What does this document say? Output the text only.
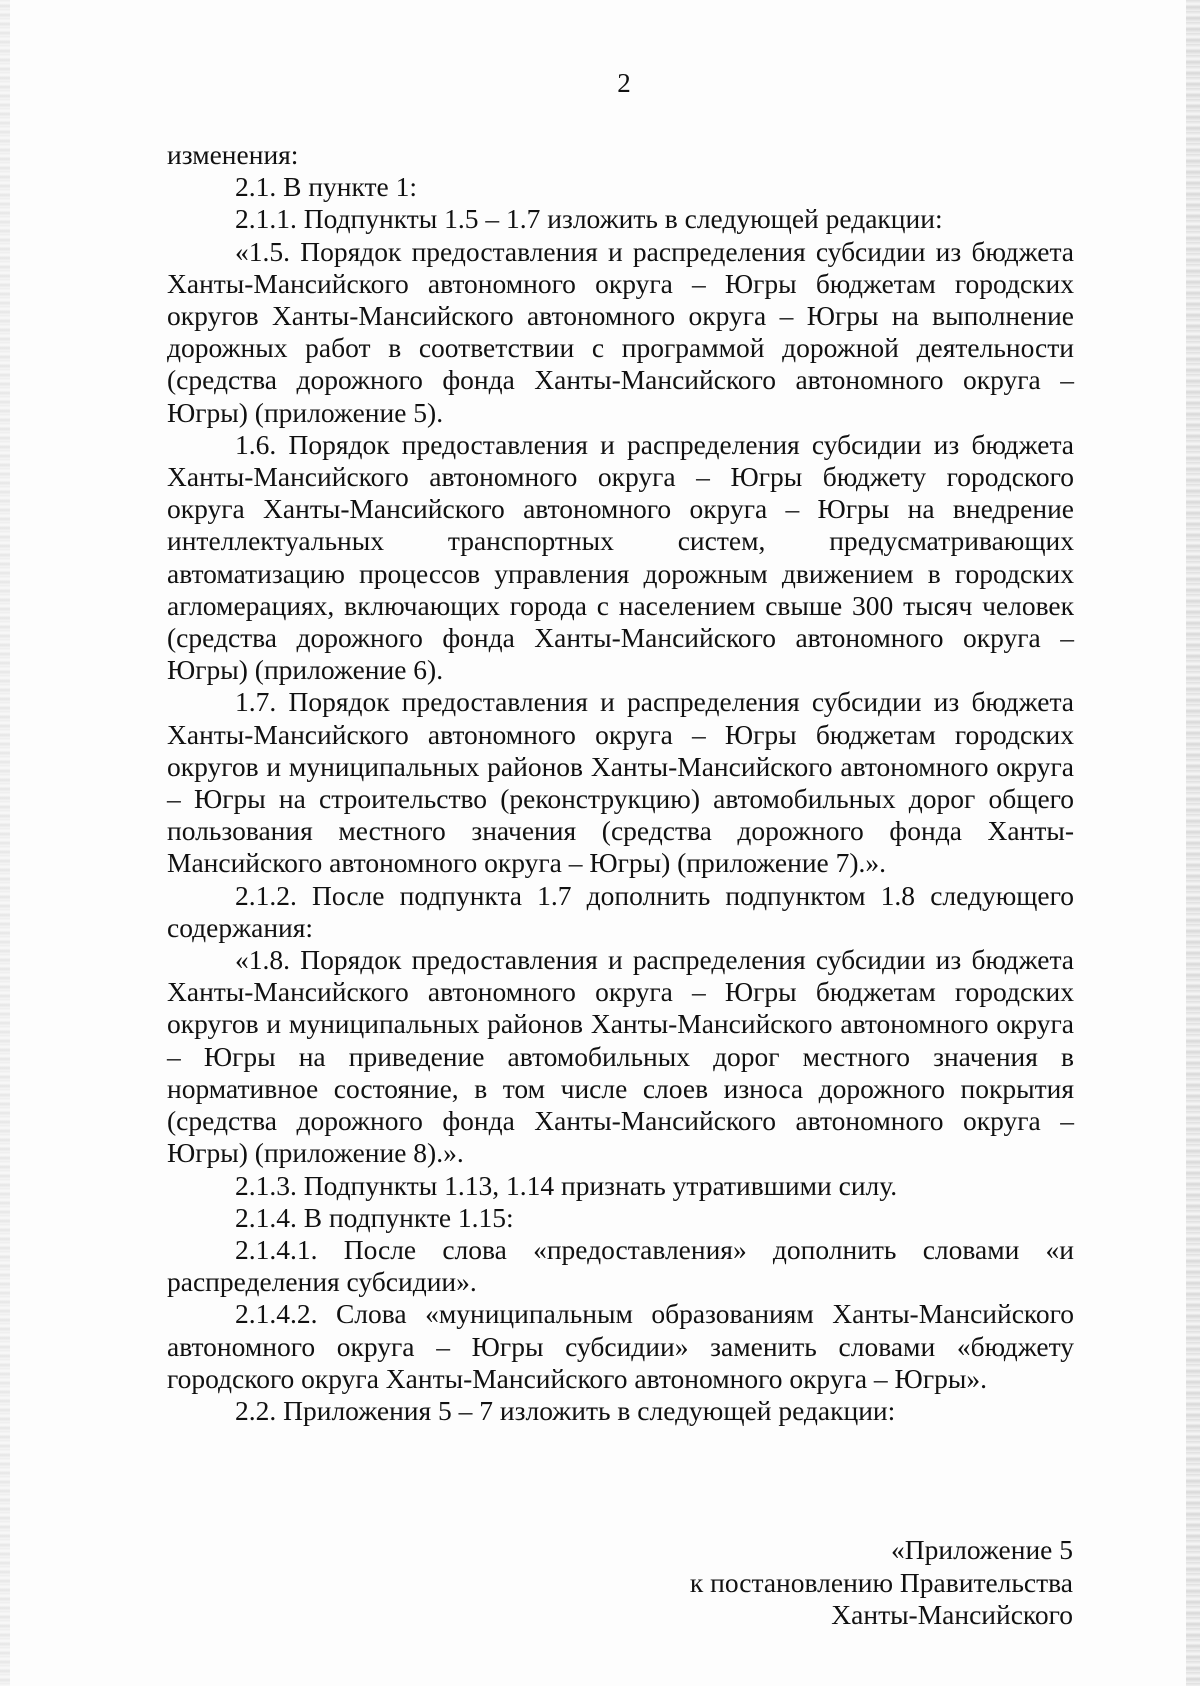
2

изменения:

2.1. В пункте 1:

2.1.1. Подпункты 1.5 – 1.7 изложить в следующей редакции:

«1.5. Порядок предоставления и распределения субсидии из бюджета Ханты-Мансийского автономного округа – Югры бюджетам городских округов Ханты-Мансийского автономного округа – Югры на выполнение дорожных работ в соответствии с программой дорожной деятельности (средства дорожного фонда Ханты-Мансийского автономного округа – Югры) (приложение 5).

1.6. Порядок предоставления и распределения субсидии из бюджета Ханты-Мансийского автономного округа – Югры бюджету городского округа Ханты-Мансийского автономного округа – Югры на внедрение интеллектуальных транспортных систем, предусматривающих автоматизацию процессов управления дорожным движением в городских агломерациях, включающих города с населением свыше 300 тысяч человек (средства дорожного фонда Ханты-Мансийского автономного округа – Югры) (приложение 6).

1.7. Порядок предоставления и распределения субсидии из бюджета Ханты-Мансийского автономного округа – Югры бюджетам городских округов и муниципальных районов Ханты-Мансийского автономного округа – Югры на строительство (реконструкцию) автомобильных дорог общего пользования местного значения (средства дорожного фонда Ханты-Мансийского автономного округа – Югры) (приложение 7).».

2.1.2. После подпункта 1.7 дополнить подпунктом 1.8 следующего содержания:

«1.8. Порядок предоставления и распределения субсидии из бюджета Ханты-Мансийского автономного округа – Югры бюджетам городских округов и муниципальных районов Ханты-Мансийского автономного округа – Югры на приведение автомобильных дорог местного значения в нормативное состояние, в том числе слоев износа дорожного покрытия (средства дорожного фонда Ханты-Мансийского автономного округа – Югры) (приложение 8).».

2.1.3. Подпункты 1.13, 1.14 признать утратившими силу.

2.1.4. В подпункте 1.15:

2.1.4.1. После слова «предоставления» дополнить словами «и распределения субсидии».

2.1.4.2. Слова «муниципальным образованиям Ханты-Мансийского автономного округа – Югры субсидии» заменить словами «бюджету городского округа Ханты-Мансийского автономного округа – Югры».

2.2. Приложения 5 – 7 изложить в следующей редакции:

«Приложение 5
к постановлению Правительства
Ханты-Мансийского
